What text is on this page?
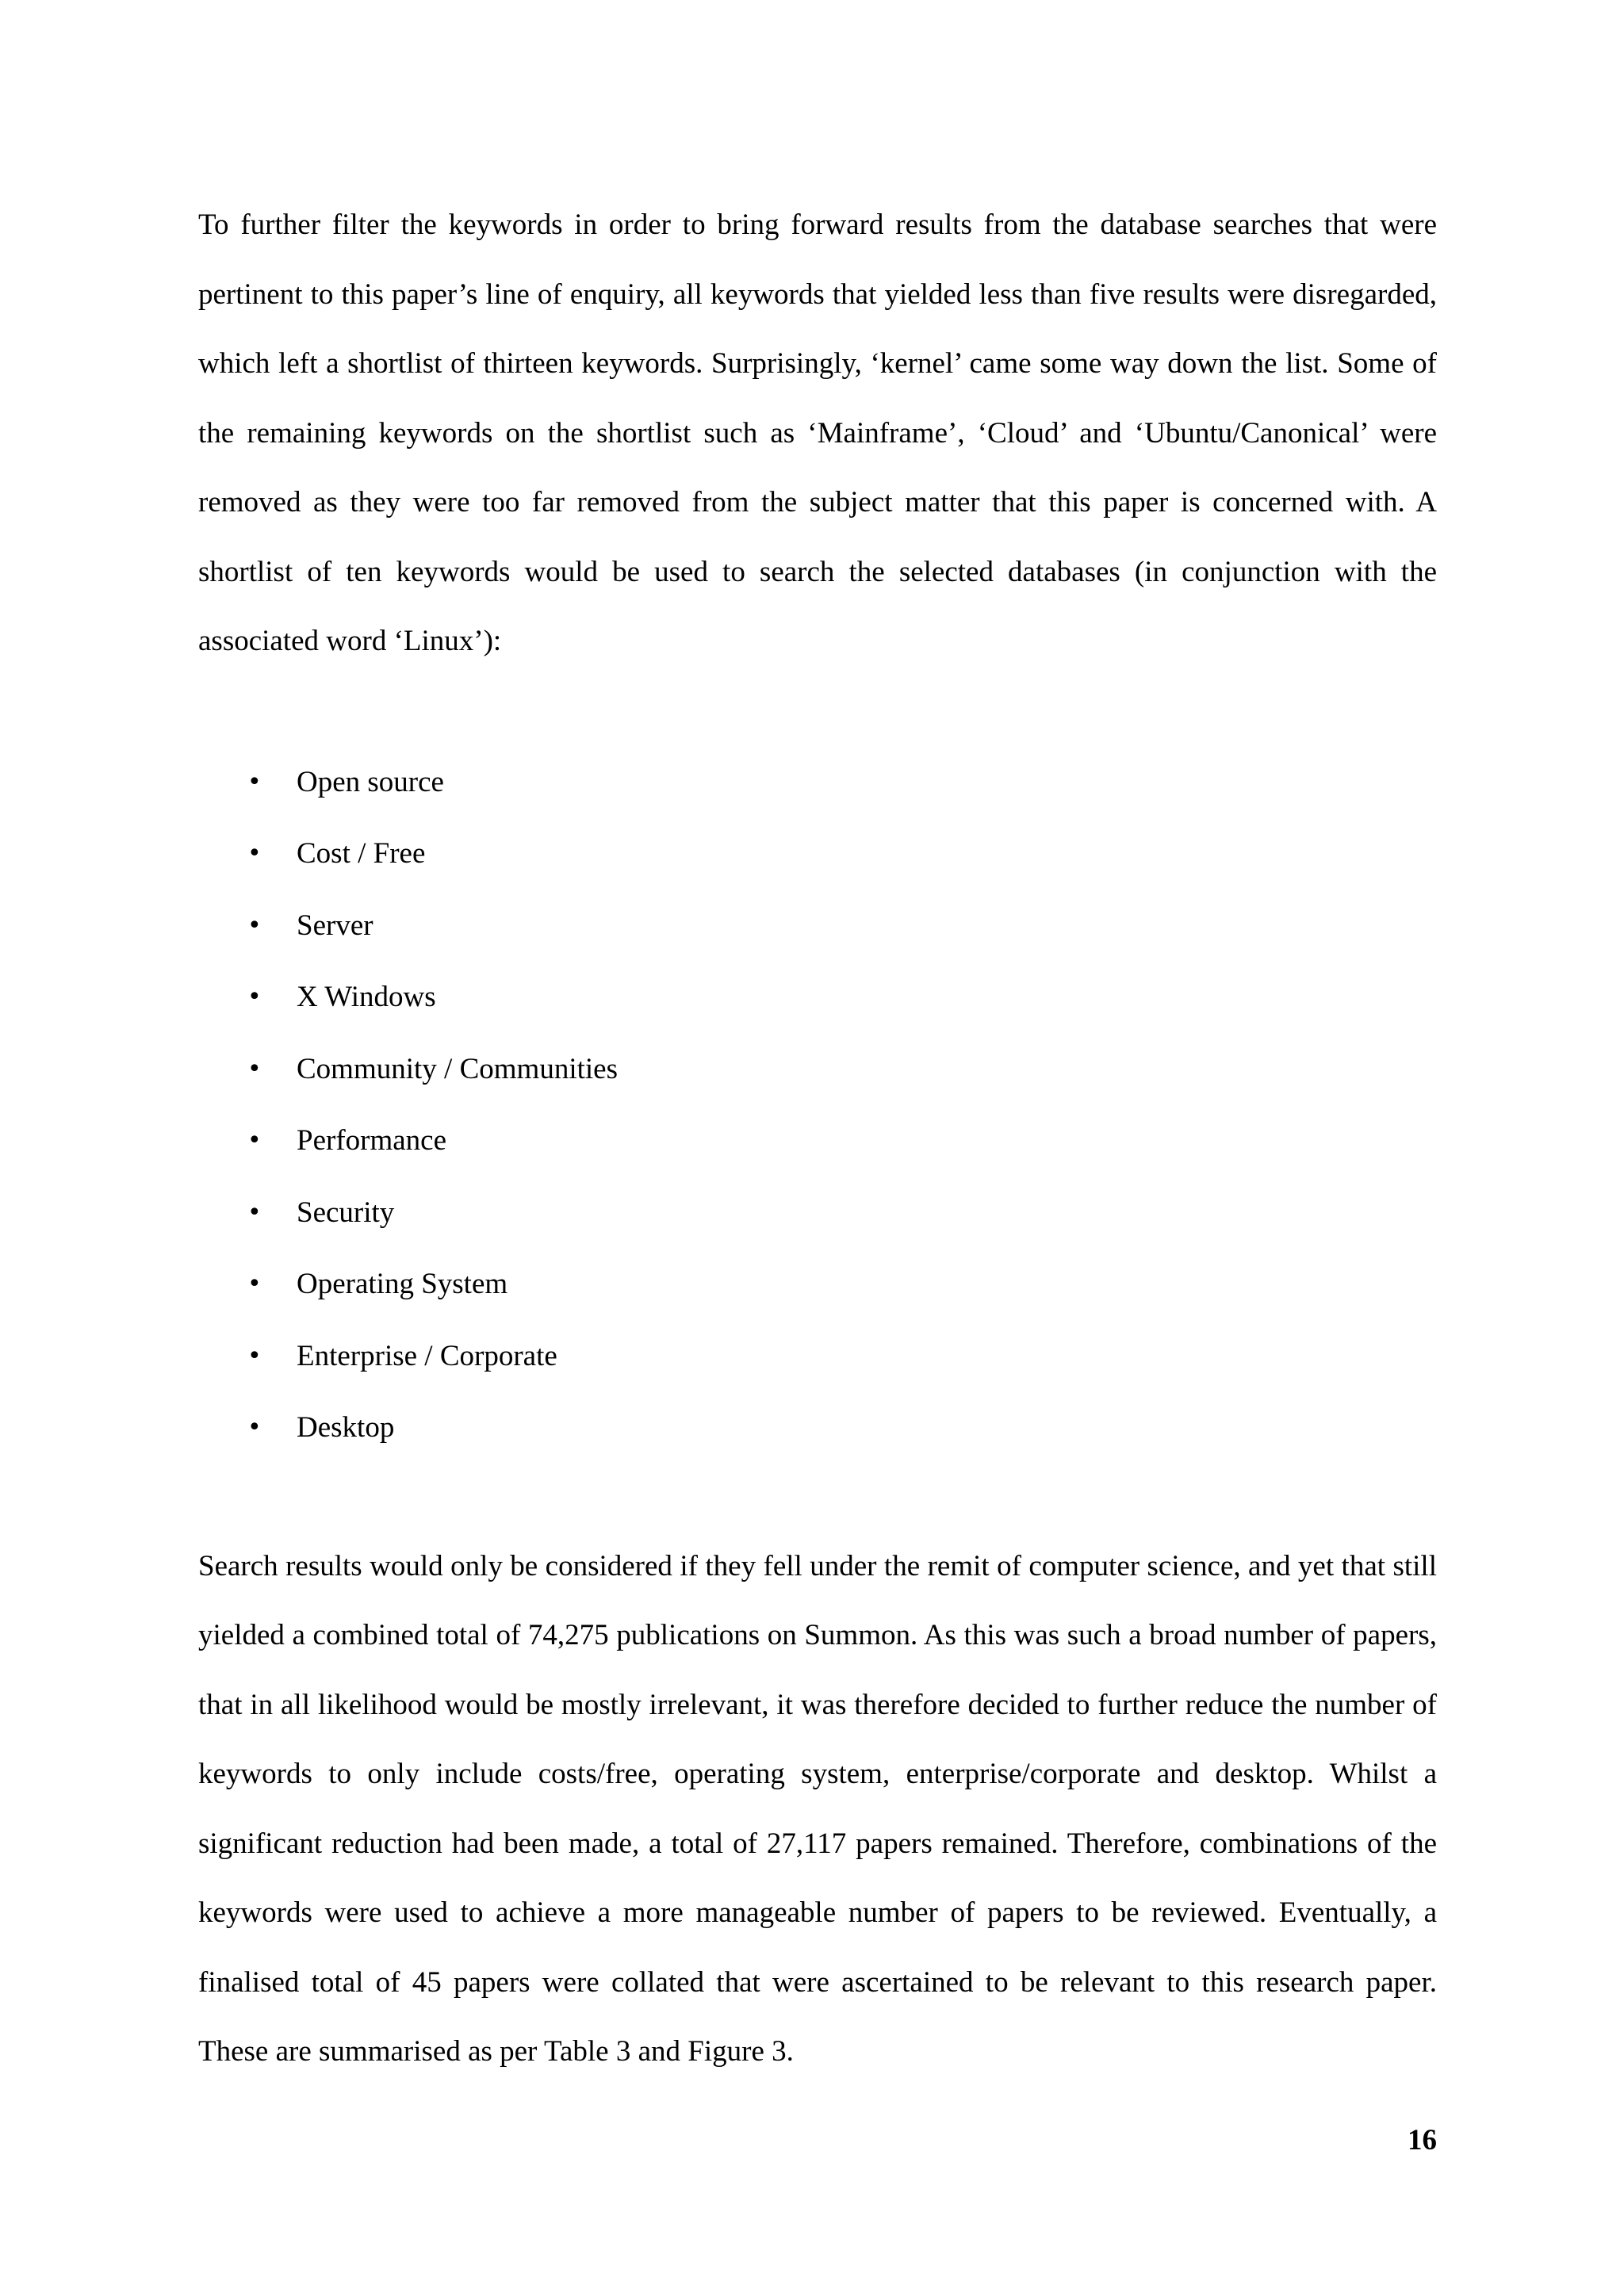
To further filter the keywords in order to bring forward results from the database searches that were pertinent to this paper’s line of enquiry, all keywords that yielded less than five results were disregarded, which left a shortlist of thirteen keywords. Surprisingly, ‘kernel’ came some way down the list. Some of the remaining keywords on the shortlist such as ‘Mainframe’, ‘Cloud’ and ‘Ubuntu/Canonical’ were removed as they were too far removed from the subject matter that this paper is concerned with. A shortlist of ten keywords would be used to search the selected databases (in conjunction with the associated word ‘Linux’):

• Open source
• Cost / Free
• Server
• X Windows
• Community / Communities
• Performance
• Security
• Operating System
• Enterprise / Corporate
• Desktop

Search results would only be considered if they fell under the remit of computer science, and yet that still yielded a combined total of 74,275 publications on Summon. As this was such a broad number of papers, that in all likelihood would be mostly irrelevant, it was therefore decided to further reduce the number of keywords to only include costs/free, operating system, enterprise/corporate and desktop. Whilst a significant reduction had been made, a total of 27,117 papers remained. Therefore, combinations of the keywords were used to achieve a more manageable number of papers to be reviewed. Eventually, a finalised total of 45 papers were collated that were ascertained to be relevant to this research paper. These are summarised as per Table 3 and Figure 3.

16
